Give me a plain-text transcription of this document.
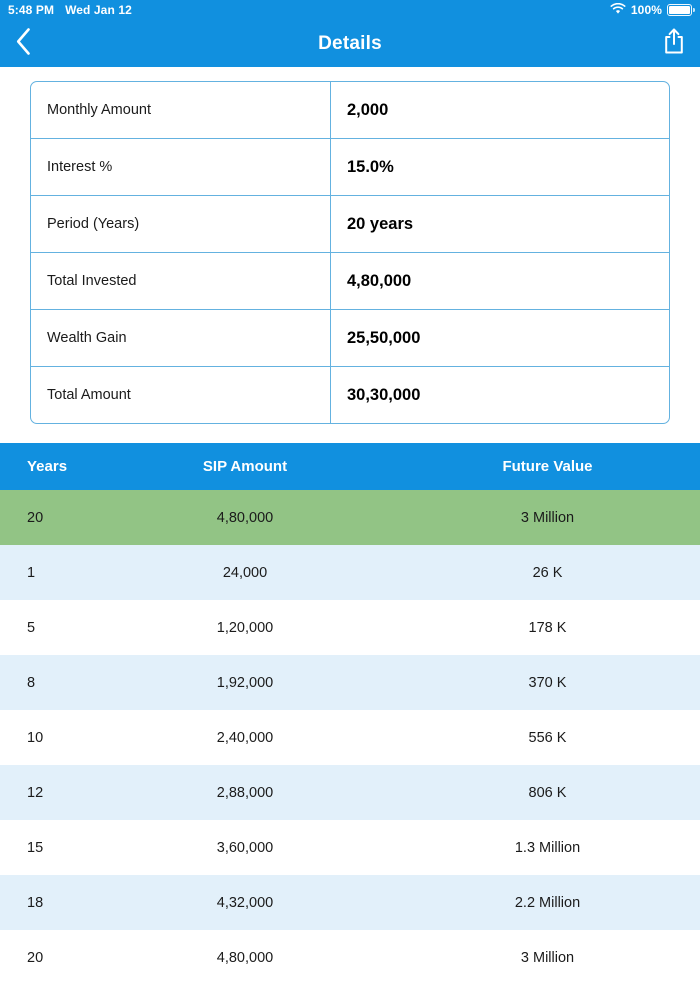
5:48 PM Wed Jan 12	100%
Details
Monthly Amount	2,000
Interest %	15.0%
Period (Years)	20 years
Total Invested	4,80,000
Wealth Gain	25,50,000
Total Amount	30,30,000
Years	SIP Amount	Future Value
20	4,80,000	3 Million
1	24,000	26 K
5	1,20,000	178 K
8	1,92,000	370 K
10	2,40,000	556 K
12	2,88,000	806 K
15	3,60,000	1.3 Million
18	4,32,000	2.2 Million
20	4,80,000	3 Million
